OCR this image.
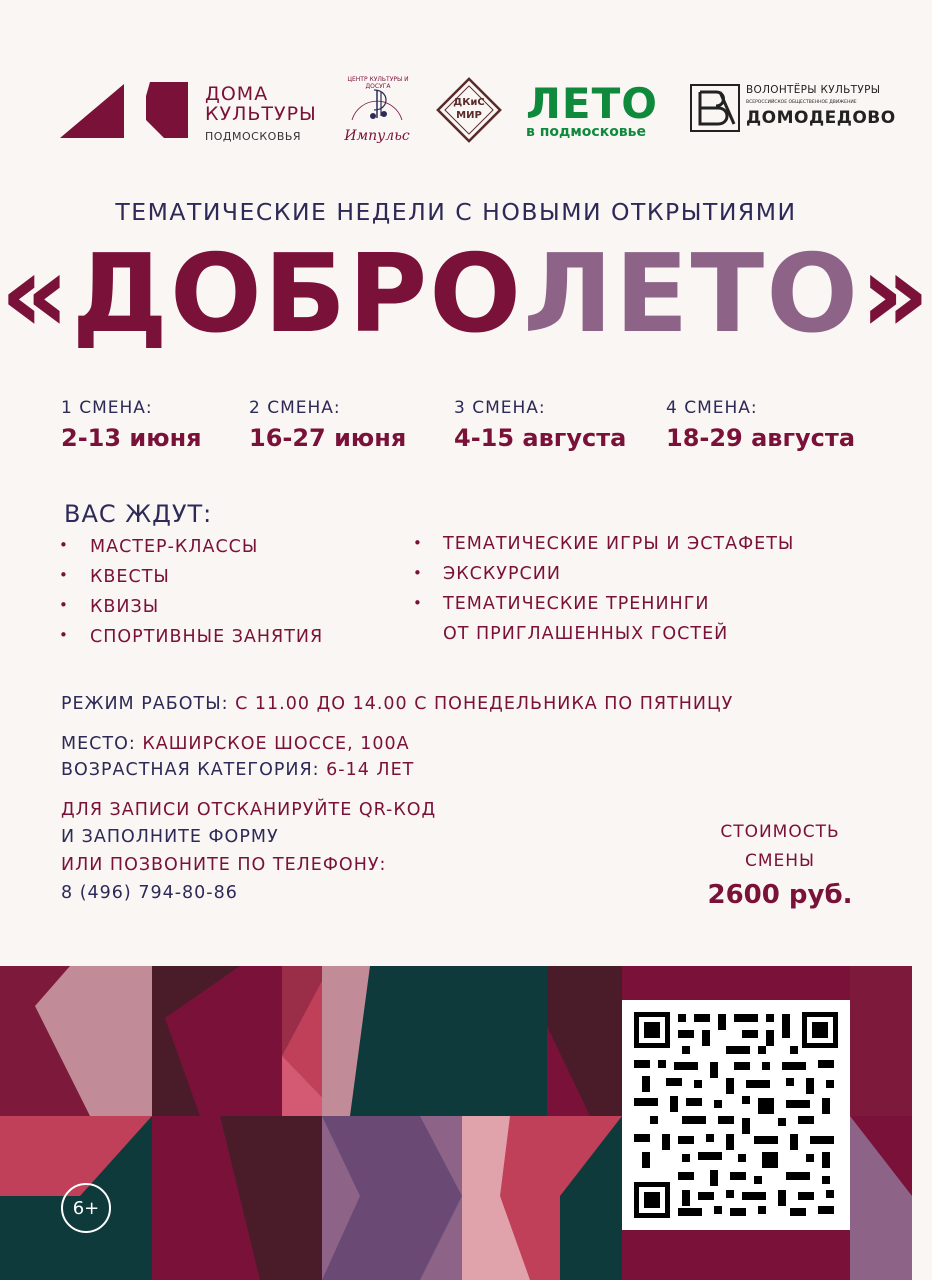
ДОМА
КУЛЬТУРЫ
ПОДМОСКОВЬЯ
ЦЕНТР КУЛЬТУРЫ И ДОСУГА
Импульс
ДКиС МИР ЛЕТО
в подмосковье
ВОЛОНТЁРЫ КУЛЬТУРЫ
ВСЕРОССИЙСКОЕ ОБЩЕСТВЕННОЕ ДВИЖЕНИЕ
ДОМОДЕДОВО
ТЕМАТИЧЕСКИЕ НЕДЕЛИ С НОВЫМИ ОТКРЫТИЯМИ
«ДОБРОЛЕТО»
1 СМЕНА:
2-13 июня
2 СМЕНА:
16-27 июня
3 СМЕНА:
4-15 августа
4 СМЕНА:
18-29 августа
ВАС ЖДУТ:
• МАСТЕР-КЛАССЫ
• КВЕСТЫ
• КВИЗЫ
• СПОРТИВНЫЕ ЗАНЯТИЯ
• ТЕМАТИЧЕСКИЕ ИГРЫ И ЭСТАФЕТЫ
• ЭКСКУРСИИ
• ТЕМАТИЧЕСКИЕ ТРЕНИНГИ
ОТ ПРИГЛАШЕННЫХ ГОСТЕЙ
РЕЖИМ РАБОТЫ: С 11.00 ДО 14.00 С ПОНЕДЕЛЬНИКА ПО ПЯТНИЦУ
МЕСТО: КАШИРСКОЕ ШОССЕ, 100А
ВОЗРАСТНАЯ КАТЕГОРИЯ: 6-14 ЛЕТ
ДЛЯ ЗАПИСИ ОТСКАНИРУЙТЕ QR-КОД
И ЗАПОЛНИТЕ ФОРМУ
ИЛИ ПОЗВОНИТЕ ПО ТЕЛЕФОНУ:
8 (496) 794-80-86
СТОИМОСТЬ
СМЕНЫ
2600 руб.
6+
